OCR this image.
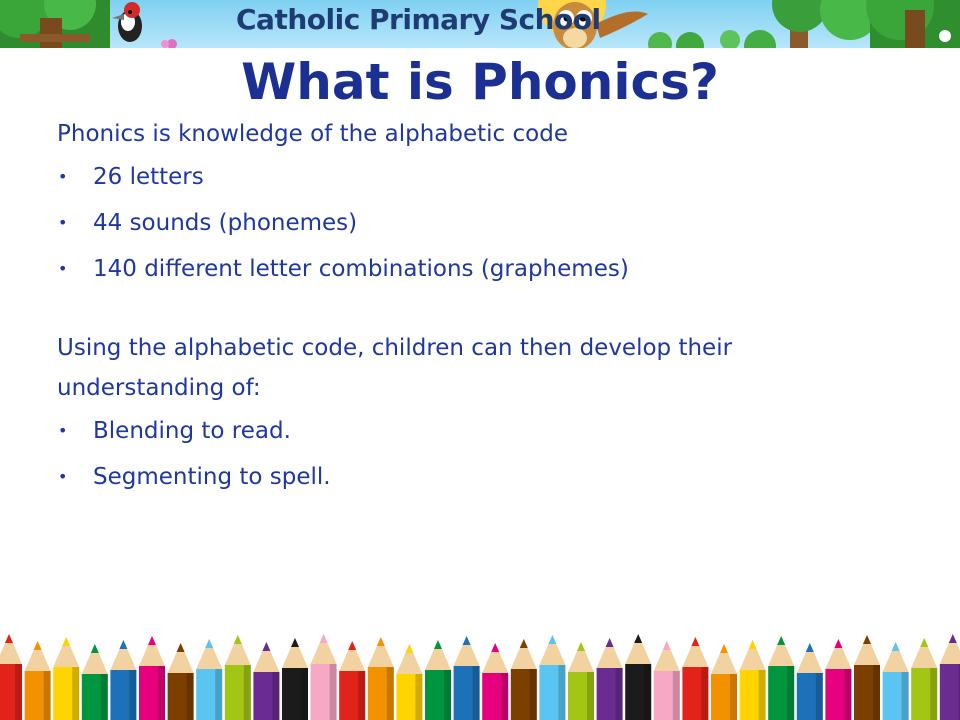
Catholic Primary School
What is Phonics?

Phonics is knowledge of the alphabetic code

• 26 letters
• 44 sounds (phonemes)
• 140 different letter combinations (graphemes)

Using the alphabetic code, children can then develop their understanding of:

• Blending to read.
• Segmenting to spell.
